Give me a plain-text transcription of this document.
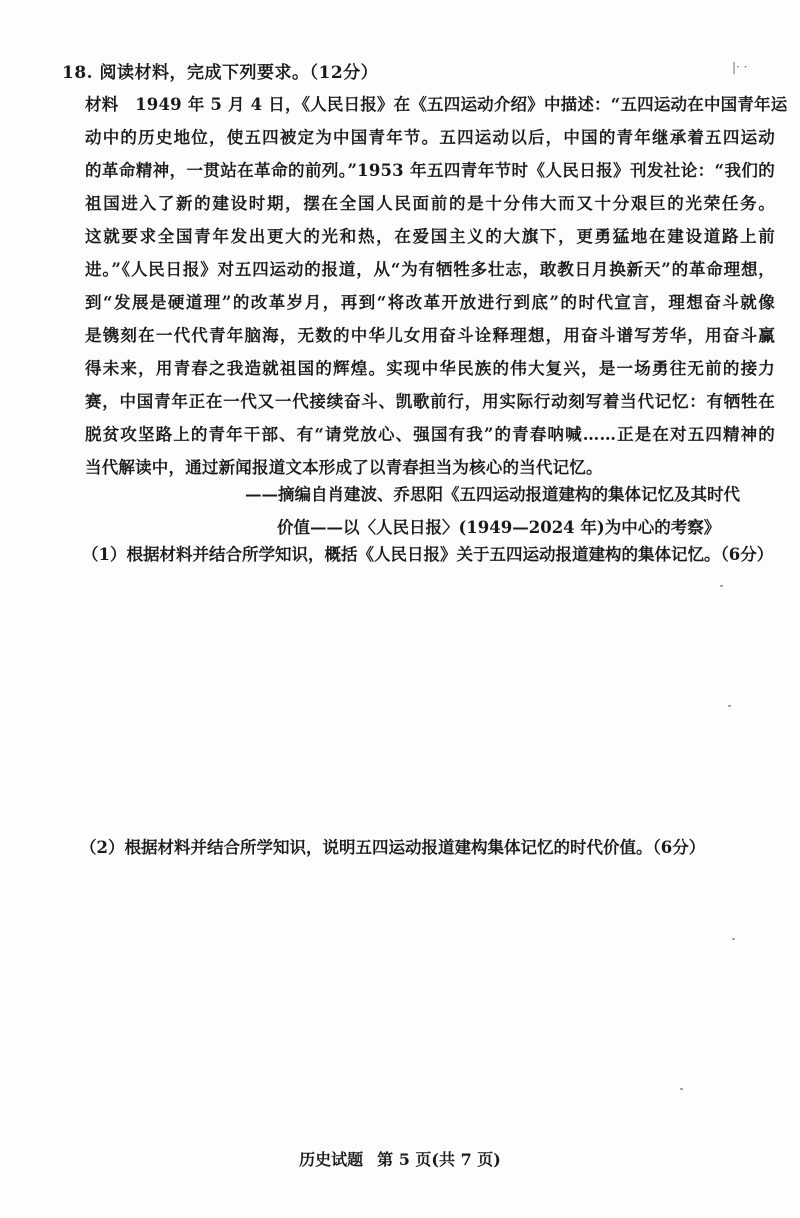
18. 阅读材料，完成下列要求。（12分）	|· ·
材料　1949 年 5 月 4 日，《人民日报》在《五四运动介绍》中描述：“五四运动在中国青年运
动中的历史地位，使五四被定为中国青年节。五四运动以后，中国的青年继承着五四运动
的革命精神，一贯站在革命的前列。”1953 年五四青年节时《人民日报》刊发社论：“我们的
祖国进入了新的建设时期，摆在全国人民面前的是十分伟大而又十分艰巨的光荣任务。
这就要求全国青年发出更大的光和热，在爱国主义的大旗下，更勇猛地在建设道路上前
进。”《人民日报》对五四运动的报道，从“为有牺牲多壮志，敢教日月换新天”的革命理想，
到“发展是硬道理”的改革岁月，再到“将改革开放进行到底”的时代宣言，理想奋斗就像
是镌刻在一代代青年脑海，无数的中华儿女用奋斗诠释理想，用奋斗谱写芳华，用奋斗赢
得未来，用青春之我造就祖国的辉煌。实现中华民族的伟大复兴，是一场勇往无前的接力
赛，中国青年正在一代又一代接续奋斗、凯歌前行，用实际行动刻写着当代记忆：有牺牲在
脱贫攻坚路上的青年干部、有“请党放心、强国有我”的青春呐喊……正是在对五四精神的
当代解读中，通过新闻报道文本形成了以青春担当为核心的当代记忆。
——摘编自肖建波、乔思阳《五四运动报道建构的集体记忆及其时代
价值——以〈人民日报〉(1949—2024 年)为中心的考察》
（1）根据材料并结合所学知识，概括《人民日报》关于五四运动报道建构的集体记忆。（6分）
（2）根据材料并结合所学知识，说明五四运动报道建构集体记忆的时代价值。（6分）
历史试题 第 5 页(共 7 页)
